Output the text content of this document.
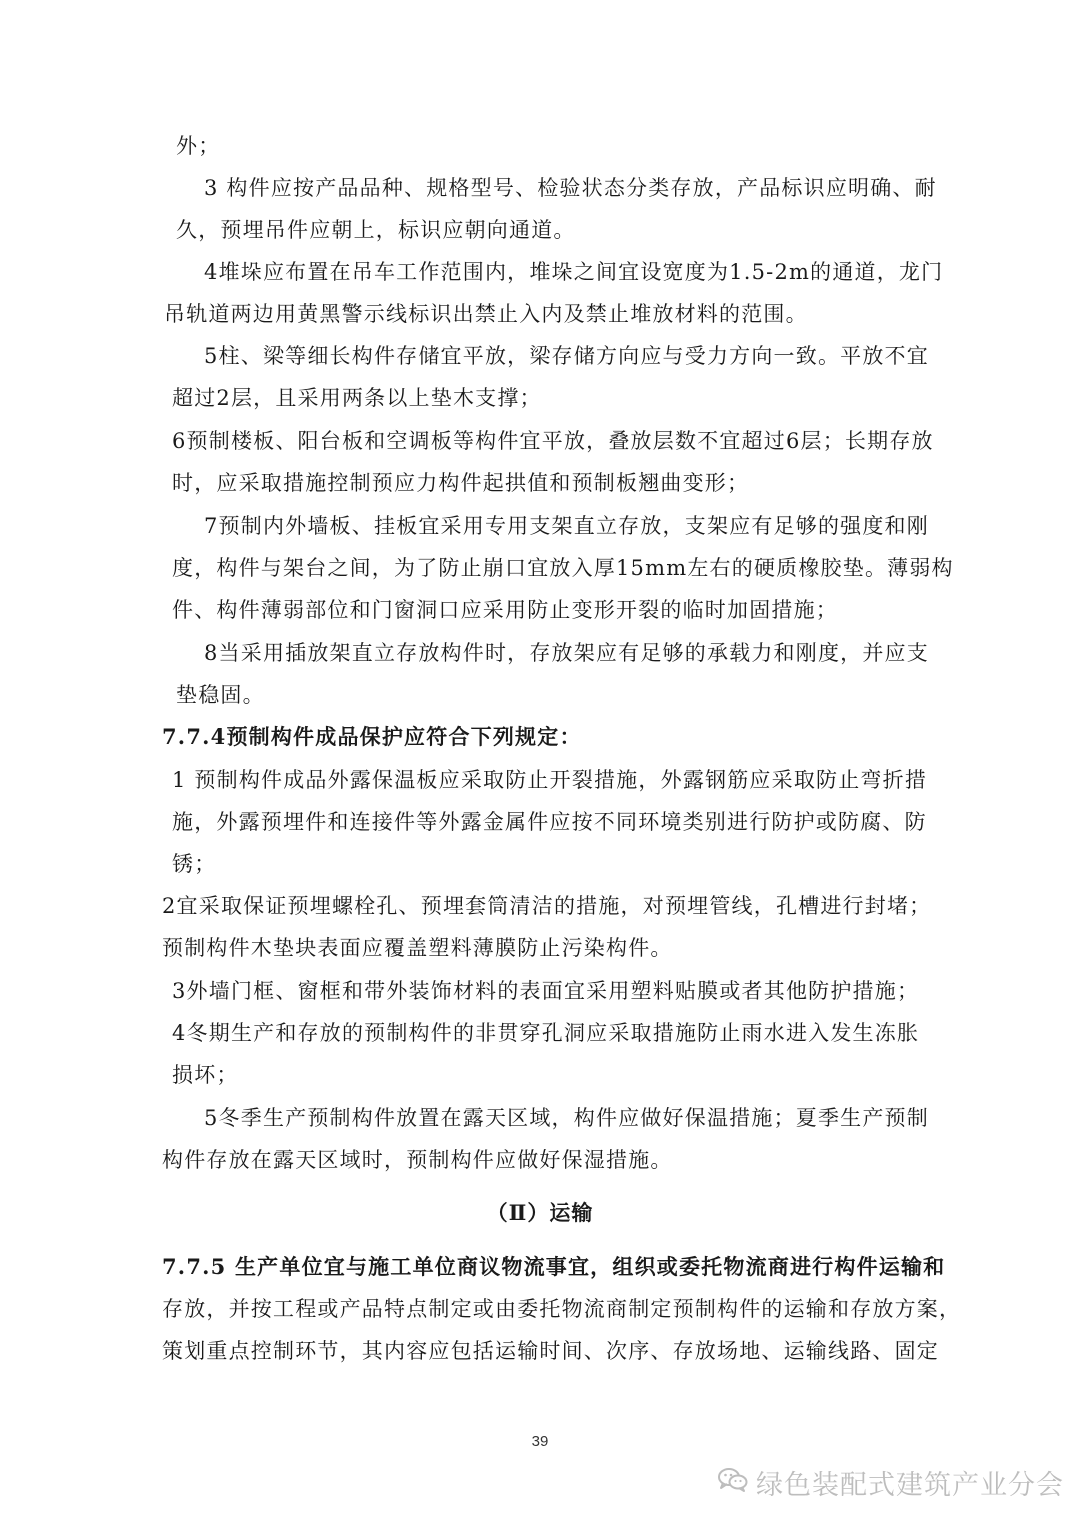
外；
3 构件应按产品品种、规格型号、检验状态分类存放，产品标识应明确、耐
久，预埋吊件应朝上，标识应朝向通道。
4堆垛应布置在吊车工作范围内，堆垛之间宜设宽度为1.5-2m的通道，龙门
吊轨道两边用黄黑警示线标识出禁止入内及禁止堆放材料的范围。
5柱、梁等细长构件存储宜平放，梁存储方向应与受力方向一致。平放不宜
超过2层，且采用两条以上垫木支撑；
6预制楼板、阳台板和空调板等构件宜平放，叠放层数不宜超过6层；长期存放
时，应采取措施控制预应力构件起拱值和预制板翘曲变形；
7预制内外墙板、挂板宜采用专用支架直立存放，支架应有足够的强度和刚
度，构件与架台之间，为了防止崩口宜放入厚15mm左右的硬质橡胶垫。薄弱构
件、构件薄弱部位和门窗洞口应采用防止变形开裂的临时加固措施；
8当采用插放架直立存放构件时，存放架应有足够的承载力和刚度，并应支
垫稳固。
7.7.4预制构件成品保护应符合下列规定：
1 预制构件成品外露保温板应采取防止开裂措施，外露钢筋应采取防止弯折措
施，外露预埋件和连接件等外露金属件应按不同环境类别进行防护或防腐、防
锈；
2宜采取保证预埋螺栓孔、预埋套筒清洁的措施，对预埋管线，孔槽进行封堵；
预制构件木垫块表面应覆盖塑料薄膜防止污染构件。
3外墙门框、窗框和带外装饰材料的表面宜采用塑料贴膜或者其他防护措施；
4冬期生产和存放的预制构件的非贯穿孔洞应采取措施防止雨水进入发生冻胀
损坏；
5冬季生产预制构件放置在露天区域，构件应做好保温措施；夏季生产预制
构件存放在露天区域时，预制构件应做好保湿措施。
（Ⅱ）运输
7.7.5 生产单位宜与施工单位商议物流事宜，组织或委托物流商进行构件运输和
存放，并按工程或产品特点制定或由委托物流商制定预制构件的运输和存放方案，
策划重点控制环节，其内容应包括运输时间、次序、存放场地、运输线路、固定
39
绿色装配式建筑产业分会
